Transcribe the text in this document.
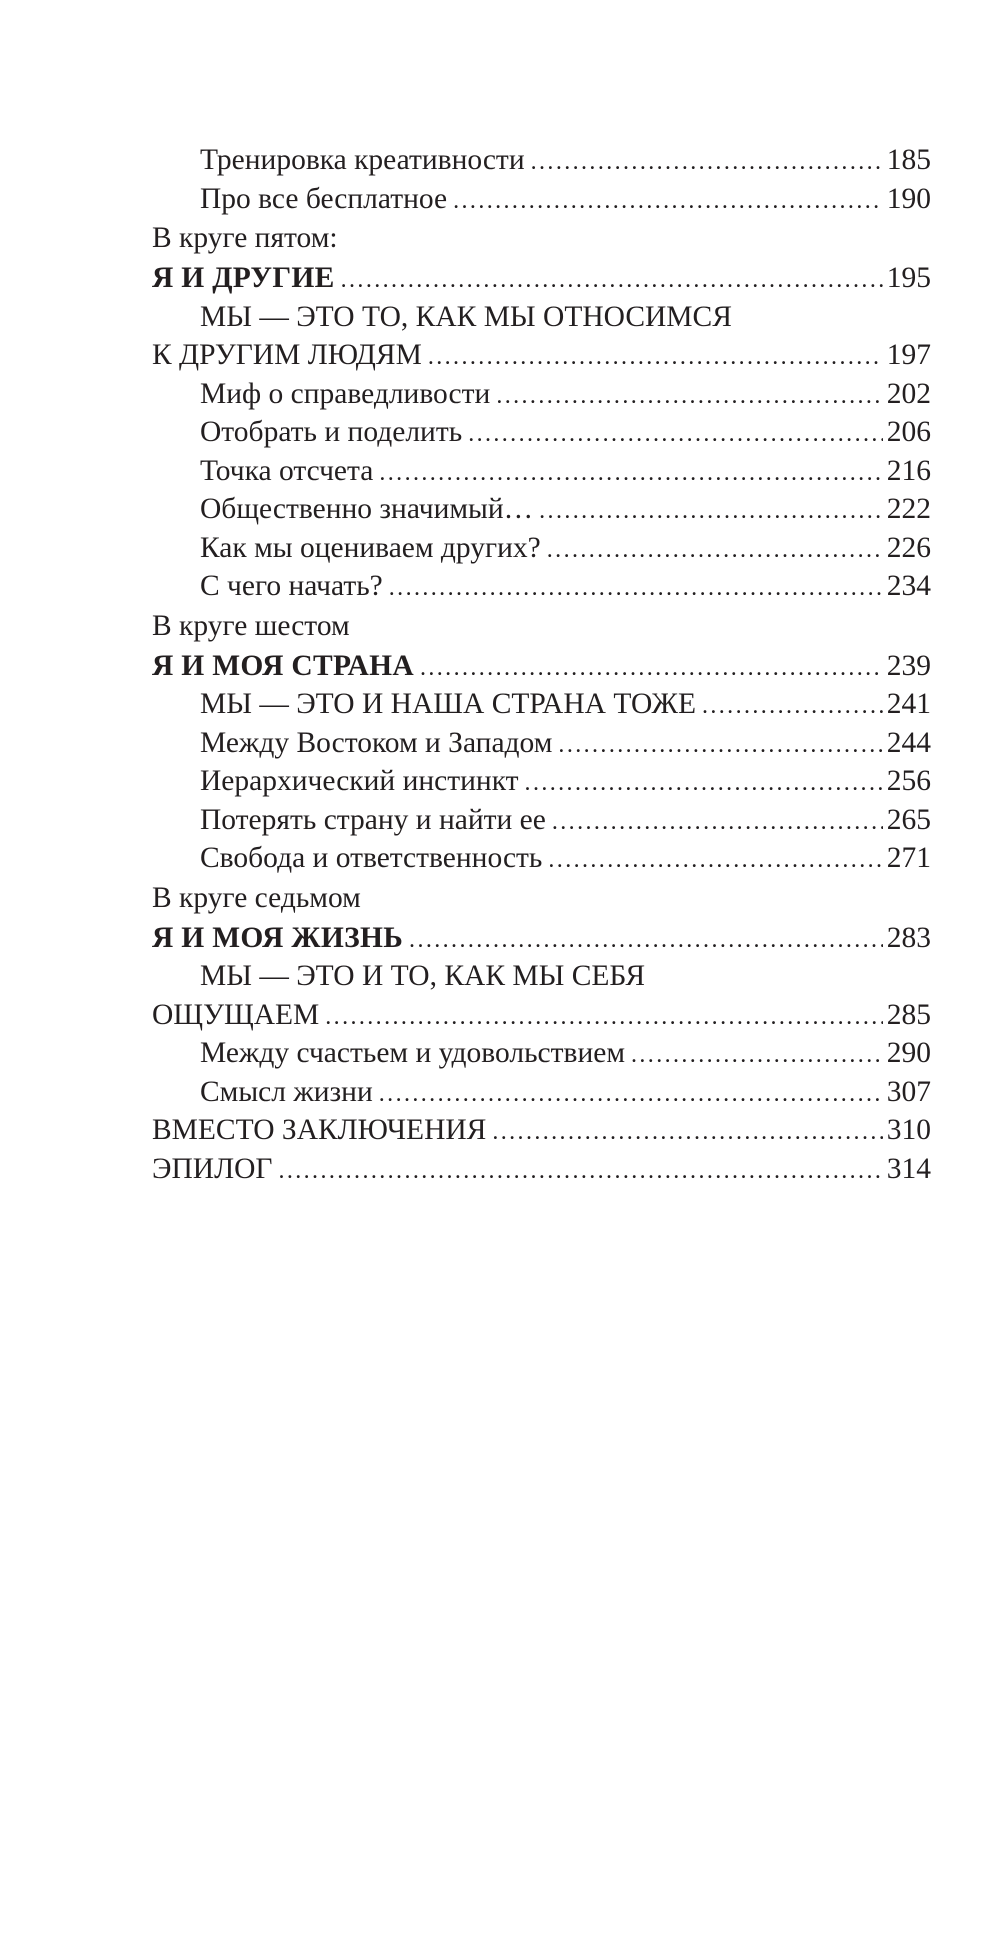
Тренировка креативности .....	185
Про все бесплатное .....	190
В круге пятом:
Я И ДРУГИЕ .....	195
МЫ — ЭТО ТО, КАК МЫ ОТНОСИМСЯ
К ДРУГИМ ЛЮДЯМ .....	197
Миф о справедливости .....	202
Отобрать и поделить .....	206
Точка отсчета .....	216
Общественно значимый… .....	222
Как мы оцениваем других? .....	226
С чего начать? .....	234
В круге шестом
Я И МОЯ СТРАНА .....	239
МЫ — ЭТО И НАША СТРАНА ТОЖЕ .....	241
Между Востоком и Западом .....	244
Иерархический инстинкт .....	256
Потерять страну и найти ее .....	265
Свобода и ответственность .....	271
В круге седьмом
Я И МОЯ ЖИЗНЬ .....	283
МЫ — ЭТО И ТО, КАК МЫ СЕБЯ
ОЩУЩАЕМ .....	285
Между счастьем и удовольствием .....	290
Смысл жизни .....	307
ВМЕСТО ЗАКЛЮЧЕНИЯ .....	310
ЭПИЛОГ .....	314
